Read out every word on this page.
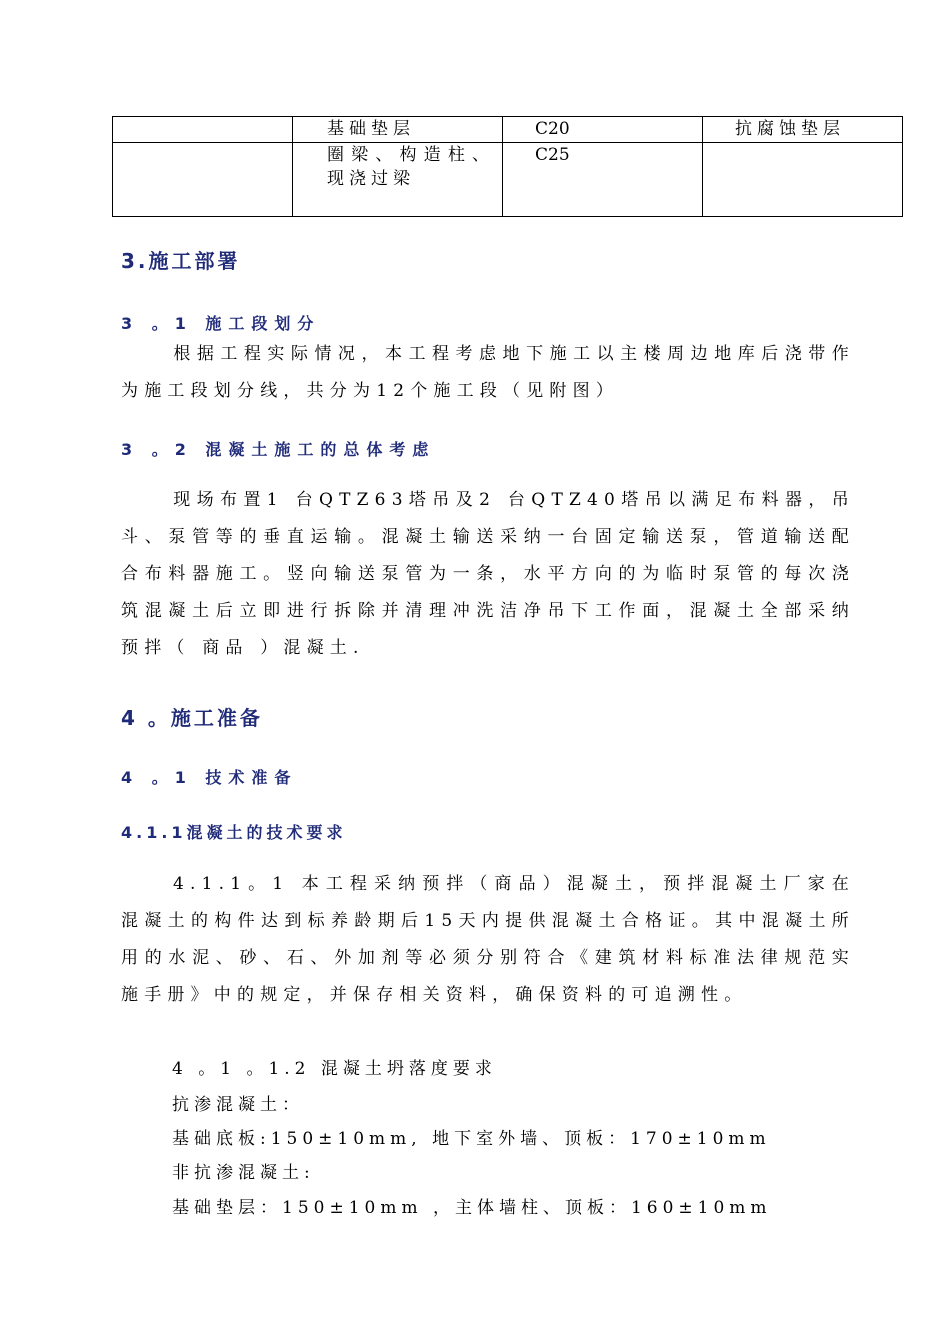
	基础垫层	C20	抗腐蚀垫层
	圈梁、构造柱、现浇过梁	C25	
3.施工部署
3 。1 施工段划分
根据工程实际情况，本工程考虑地下施工以主楼周边地库后浇带作为施工段划分线，共分为12个施工段（见附图）
3 。2 混凝土施工的总体考虑
现场布置1 台QTZ63塔吊及2 台QTZ40塔吊以满足布料器，吊斗、泵管等的垂直运输。混凝土输送采纳一台固定输送泵，管道输送配合布料器施工。竖向输送泵管为一条，水平方向的为临时泵管的每次浇筑混凝土后立即进行拆除并清理冲洗洁净吊下工作面，混凝土全部采纳预拌（ 商品 ）混凝土.
4 。施工准备
4 。1 技术准备
4.1.1混凝土的技术要求
4.1.1。1 本工程采纳预拌（商品）混凝土，预拌混凝土厂家在混凝土的构件达到标养龄期后15天内提供混凝土合格证。其中混凝土所用的水泥、砂、石、外加剂等必须分别符合《建筑材料标准法律规范实施手册》中的规定，并保存相关资料，确保资料的可追溯性。
4 。1 。1.2 混凝土坍落度要求
抗渗混凝土：
基础底板:150±10mm, 地下室外墙、顶板：170±10mm
非抗渗混凝土:
基础垫层：150±10mm ，主体墙柱、顶板：160±10mm
